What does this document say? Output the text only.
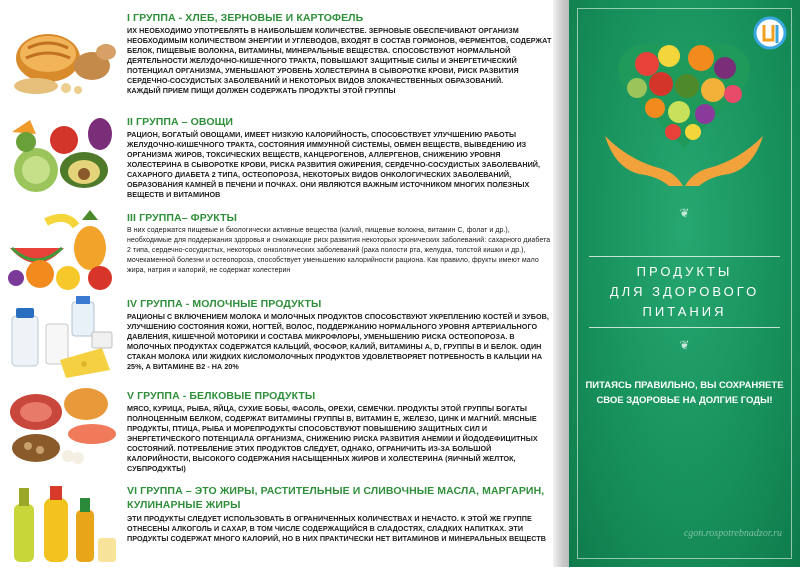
I ГРУППА - ХЛЕБ, ЗЕРНОВЫЕ И КАРТОФЕЛЬ

ИХ НЕОБХОДИМО УПОТРЕБЛЯТЬ В НАИБОЛЬШЕМ КОЛИЧЕСТВЕ. ЗЕРНОВЫЕ ОБЕСПЕЧИВАЮТ ОРГАНИЗМ НЕОБХОДИМЫМ КОЛИЧЕСТВОМ ЭНЕРГИИ И УГЛЕВОДОВ, ВХОДЯТ В СОСТАВ ГОРМОНОВ, ФЕРМЕНТОВ, СОДЕРЖАТ БЕЛОК, ПИЩЕВЫЕ ВОЛОКНА, ВИТАМИНЫ, МИНЕРАЛЬНЫЕ ВЕЩЕСТВА. СПОСОБСТВУЮТ НОРМАЛЬНОЙ ДЕЯТЕЛЬНОСТИ ЖЕЛУДОЧНО-КИШЕЧНОГО ТРАКТА, ПОВЫШАЮТ ЗАЩИТНЫЕ СИЛЫ И ЭНЕРГЕТИЧЕСКИЙ ПОТЕНЦИАЛ ОРГАНИЗМА, УМЕНЬШАЮТ УРОВЕНЬ ХОЛЕСТЕРИНА В СЫВОРОТКЕ КРОВИ, РИСК РАЗВИТИЯ СЕРДЕЧНО-СОСУДИСТЫХ ЗАБОЛЕВАНИЙ И НЕКОТОРЫХ ВИДОВ ЗЛОКАЧЕСТВЕННЫХ ОБРАЗОВАНИЙ.

КАЖДЫЙ ПРИЕМ ПИЩИ ДОЛЖЕН СОДЕРЖАТЬ ПРОДУКТЫ ЭТОЙ ГРУППЫ

II ГРУППА – ОВОЩИ

РАЦИОН, БОГАТЫЙ ОВОЩАМИ, ИМЕЕТ НИЗКУЮ КАЛОРИЙНОСТЬ, СПОСОБСТВУЕТ УЛУЧШЕНИЮ РАБОТЫ ЖЕЛУДОЧНО-КИШЕЧНОГО ТРАКТА, СОСТОЯНИЯ ИММУННОЙ СИСТЕМЫ, ОБМЕН ВЕЩЕСТВ, ВЫВЕДЕНИЮ ИЗ ОРГАНИЗМА ЖИРОВ, ТОКСИЧЕСКИХ ВЕЩЕСТВ, КАНЦЕРОГЕНОВ, АЛЛЕРГЕНОВ, СНИЖЕНИЮ УРОВНЯ ХОЛЕСТЕРИНА В СЫВОРОТКЕ КРОВИ, РИСКА РАЗВИТИЯ ОЖИРЕНИЯ, СЕРДЕЧНО-СОСУДИСТЫХ ЗАБОЛЕВАНИЙ, САХАРНОГО ДИАБЕТА 2 ТИПА, ОСТЕОПОРОЗА, НЕКОТОРЫХ ВИДОВ ОНКОЛОГИЧЕСКИХ ЗАБОЛЕВАНИЙ, ОБРАЗОВАНИЯ КАМНЕЙ В ПЕЧЕНИ И ПОЧКАХ. ОНИ ЯВЛЯЮТСЯ ВАЖНЫМ ИСТОЧНИКОМ МНОГИХ ПОЛЕЗНЫХ ВЕЩЕСТВ И ВИТАМИНОВ

III ГРУППА– ФРУКТЫ

В них содержатся пищевые и биологически активные вещества (калий, пищевые волокна, витамин С, фолат и др.), необходимые для поддержания здоровья и снижающие риск развития некоторых хронических заболеваний: сахарного диабета 2 типа, сердечно-сосудистых, некоторых онкологических заболеваний (рака полости рта, желудка, толстой кишки и др.), мочекаменной болезни и остеопороза, способствует уменьшению калорийности рациона. Как правило, фрукты имеют мало жира, натрия и калорий, не содержат холестерин

IV ГРУППА - МОЛОЧНЫЕ ПРОДУКТЫ

РАЦИОНЫ С ВКЛЮЧЕНИЕМ МОЛОКА И МОЛОЧНЫХ ПРОДУКТОВ СПОСОБСТВУЮТ УКРЕПЛЕНИЮ КОСТЕЙ И ЗУБОВ, УЛУЧШЕНИЮ СОСТОЯНИЯ КОЖИ, НОГТЕЙ, ВОЛОС, ПОДДЕРЖАНИЮ НОРМАЛЬНОГО УРОВНЯ АРТЕРИАЛЬНОГО ДАВЛЕНИЯ, КИШЕЧНОЙ МОТОРИКИ И СОСТАВА МИКРОФЛОРЫ, УМЕНЬШЕНИЮ РИСКА ОСТЕОПОРОЗА. В МОЛОЧНЫХ ПРОДУКТАХ СОДЕРЖАТСЯ КАЛЬЦИЙ, ФОСФОР, КАЛИЙ, ВИТАМИНЫ А, D, ГРУППЫ В И БЕЛОК. ОДИН СТАКАН МОЛОКА ИЛИ ЖИДКИХ КИСЛОМОЛОЧНЫХ ПРОДУКТОВ УДОВЛЕТВОРЯЕТ ПОТРЕБНОСТЬ В КАЛЬЦИИ НА 25%, А ВИТАМИНЕ В2 - НА 20%

V ГРУППА - БЕЛКОВЫЕ ПРОДУКТЫ

МЯСО, КУРИЦА, РЫБА, ЯЙЦА, СУХИЕ БОБЫ, ФАСОЛЬ, ОРЕХИ, СЕМЕЧКИ. ПРОДУКТЫ ЭТОЙ ГРУППЫ БОГАТЫ ПОЛНОЦЕННЫМ БЕЛКОМ, СОДЕРЖАТ ВИТАМИНЫ ГРУППЫ В, ВИТАМИН Е, ЖЕЛЕЗО, ЦИНК И МАГНИЙ. МЯСНЫЕ ПРОДУКТЫ, ПТИЦА, РЫБА И МОРЕПРОДУКТЫ СПОСОБСТВУЮТ ПОВЫШЕНИЮ ЗАЩИТНЫХ СИЛ И ЭНЕРГЕТИЧЕСКОГО ПОТЕНЦИАЛА ОРГАНИЗМА, СНИЖЕНИЮ РИСКА РАЗВИТИЯ АНЕМИИ И ЙОДОДЕФИЦИТНЫХ СОСТОЯНИЙ. ПОТРЕБЛЕНИЕ ЭТИХ ПРОДУКТОВ СЛЕДУЕТ, ОДНАКО, ОГРАНИЧИТЬ ИЗ-ЗА БОЛЬШОЙ КАЛОРИЙНОСТИ, ВЫСОКОГО СОДЕРЖАНИЯ НАСЫЩЕННЫХ ЖИРОВ И ХОЛЕСТЕРИНА (ЯИЧНЫЙ ЖЕЛТОК, СУБПРОДУКТЫ)

VI ГРУППА – ЭТО ЖИРЫ, РАСТИТЕЛЬНЫЕ И СЛИВОЧНЫЕ МАСЛА, МАРГАРИН, КУЛИНАРНЫЕ ЖИРЫ

ЭТИ ПРОДУКТЫ СЛЕДУЕТ ИСПОЛЬЗОВАТЬ В ОГРАНИЧЕННЫХ КОЛИЧЕСТВАХ И НЕЧАСТО. К ЭТОЙ ЖЕ ГРУППЕ ОТНЕСЕНЫ АЛКОГОЛЬ И САХАР, В ТОМ ЧИСЛЕ СОДЕРЖАЩИЙСЯ В СЛАДОСТЯХ, СЛАДКИХ НАПИТКАХ. ЭТИ ПРОДУКТЫ СОДЕРЖАТ МНОГО КАЛОРИЙ, НО В НИХ ПРАКТИЧЕСКИ НЕТ ВИТАМИНОВ И МИНЕРАЛЬНЫХ ВЕЩЕСТВ

❦
ПРОДУКТЫ
ДЛЯ ЗДОРОВОГО
ПИТАНИЯ
❦
ПИТАЯСЬ ПРАВИЛЬНО, ВЫ СОХРАНЯЕТЕ СВОЕ ЗДОРОВЬЕ НА ДОЛГИЕ ГОДЫ!
cgon.rospotrebnadzor.ru
